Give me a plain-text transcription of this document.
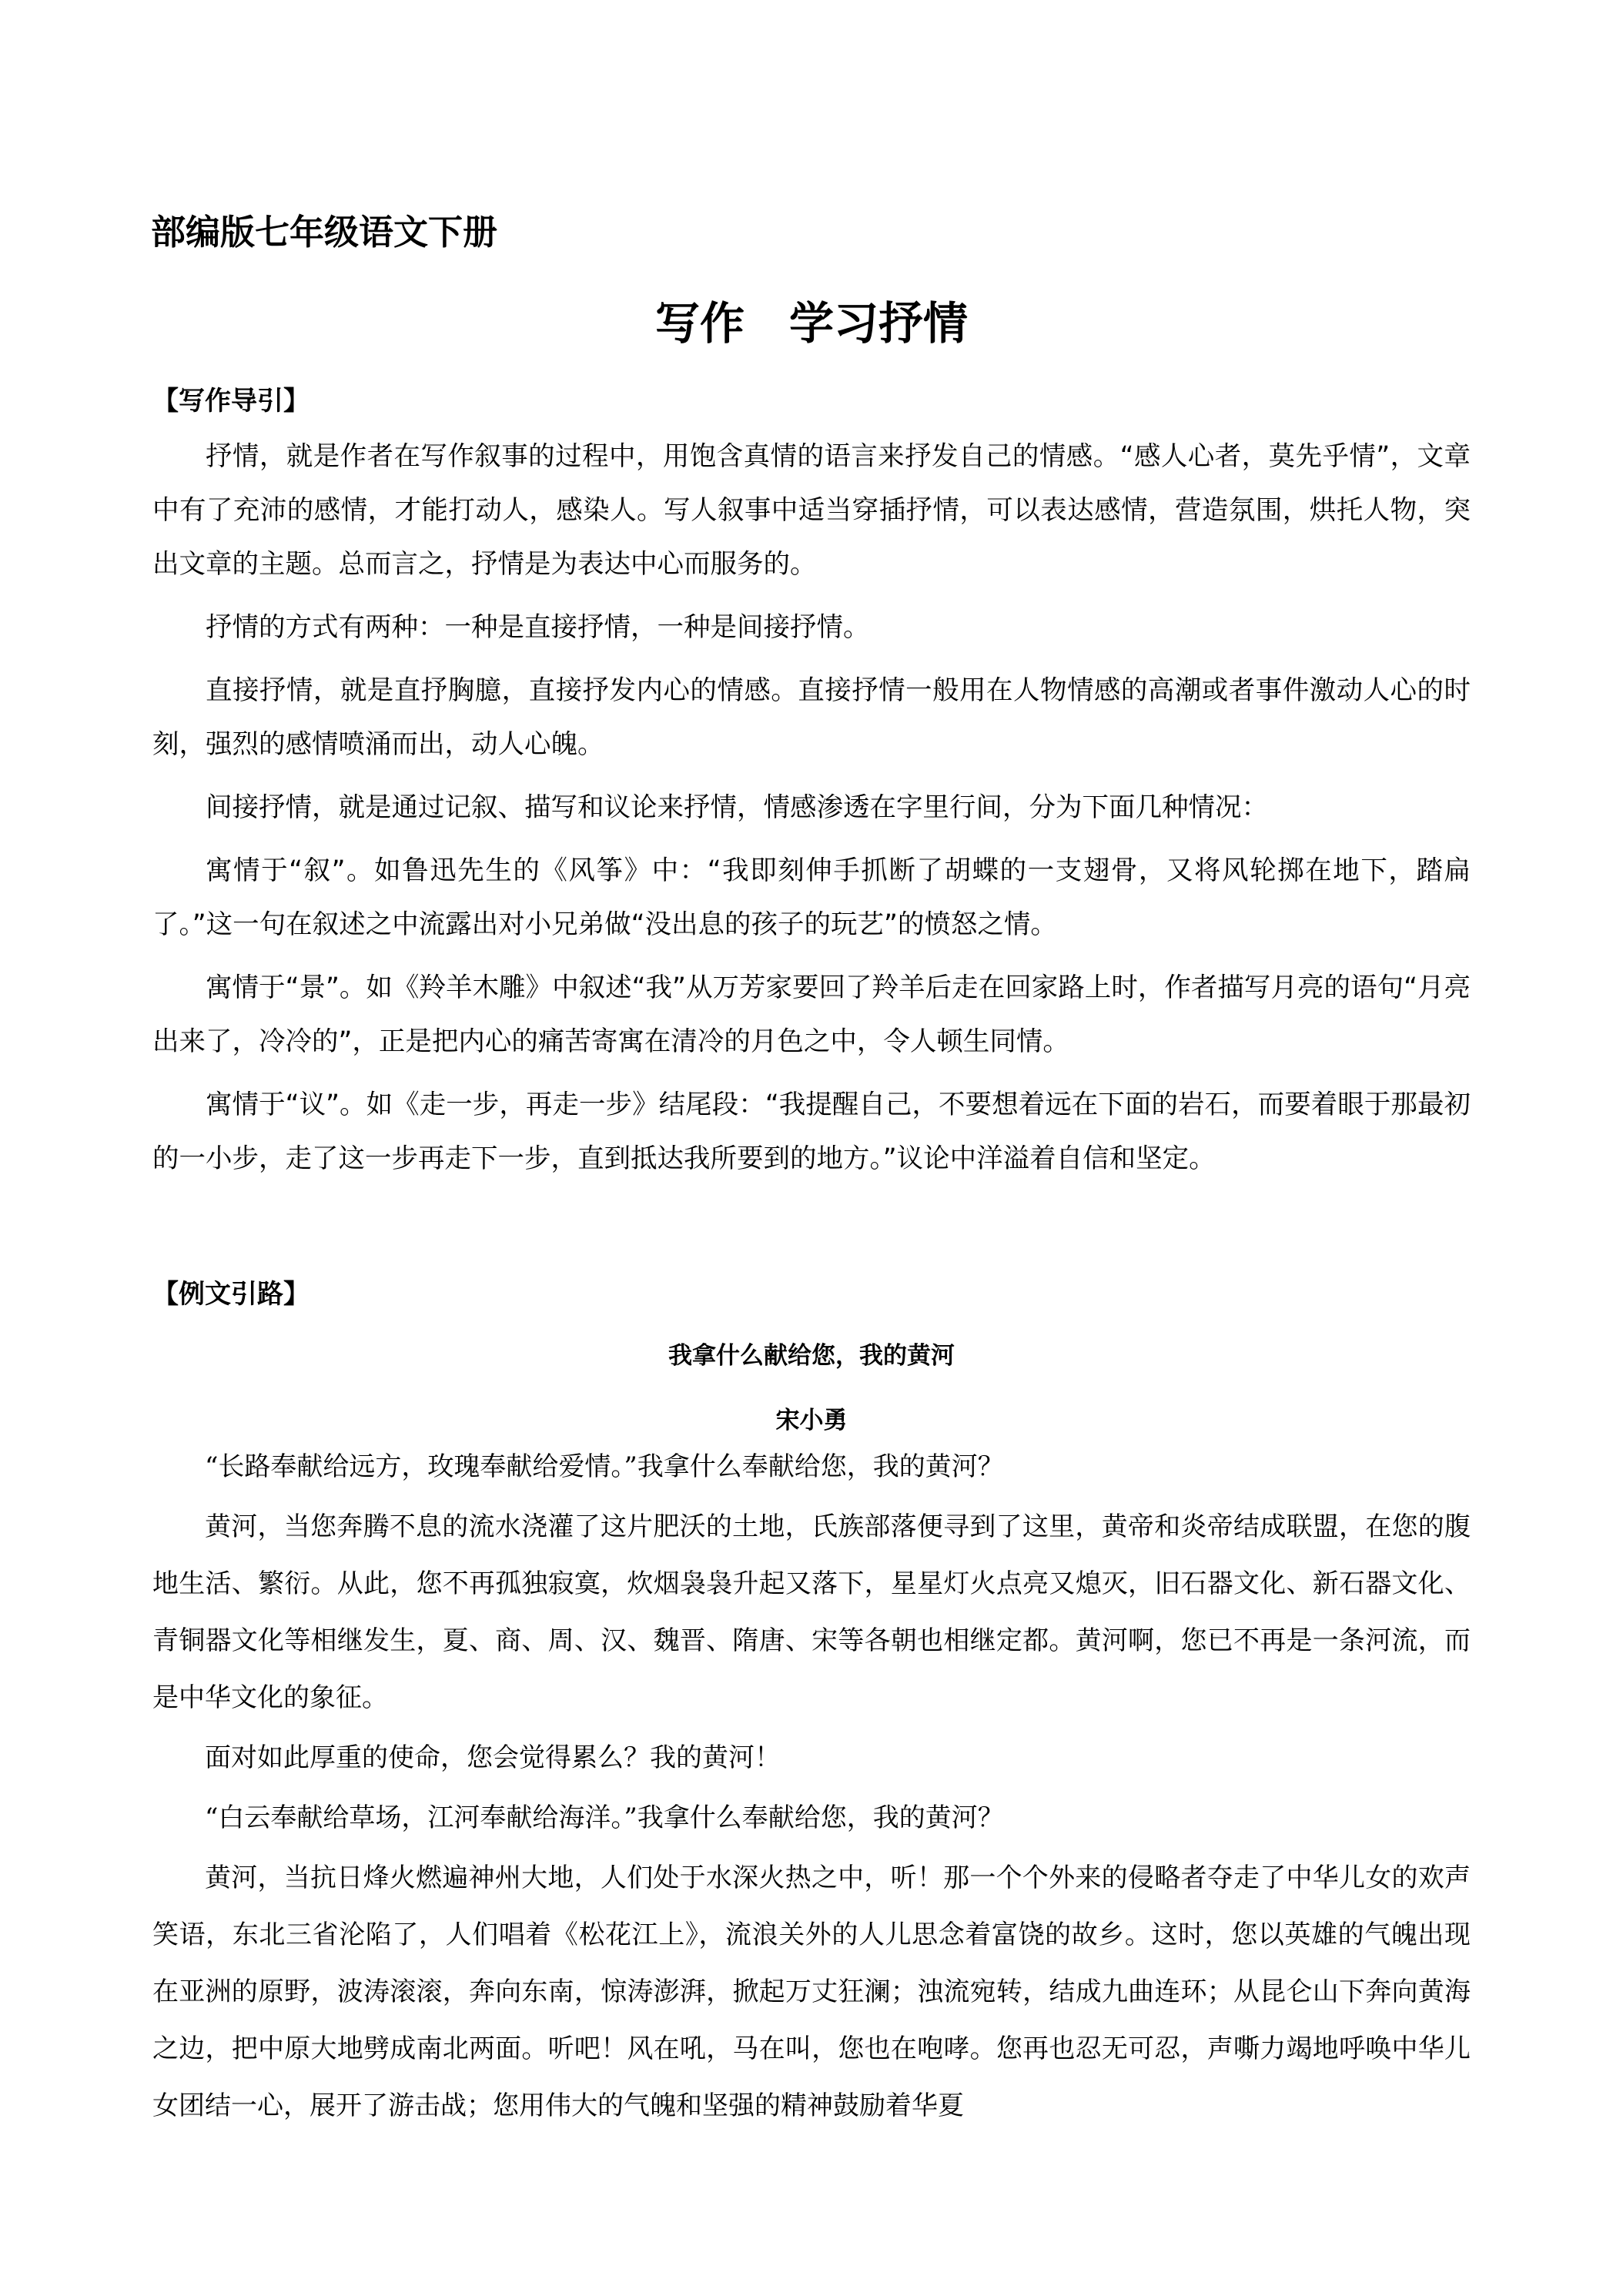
部编版七年级语文下册
写作　学习抒情
【写作导引】

抒情，就是作者在写作叙事的过程中，用饱含真情的语言来抒发自己的情感。“感人心者，莫先乎情”，文章中有了充沛的感情，才能打动人，感染人。写人叙事中适当穿插抒情，可以表达感情，营造氛围，烘托人物，突出文章的主题。总而言之，抒情是为表达中心而服务的。

抒情的方式有两种：一种是直接抒情，一种是间接抒情。

直接抒情，就是直抒胸臆，直接抒发内心的情感。直接抒情一般用在人物情感的高潮或者事件激动人心的时刻，强烈的感情喷涌而出，动人心魄。

间接抒情，就是通过记叙、描写和议论来抒情，情感渗透在字里行间，分为下面几种情况：

寓情于“叙”。如鲁迅先生的《风筝》中：“我即刻伸手抓断了胡蝶的一支翅骨，又将风轮掷在地下，踏扁了。”这一句在叙述之中流露出对小兄弟做“没出息的孩子的玩艺”的愤怒之情。

寓情于“景”。如《羚羊木雕》中叙述“我”从万芳家要回了羚羊后走在回家路上时，作者描写月亮的语句“月亮出来了，冷冷的”，正是把内心的痛苦寄寓在清冷的月色之中，令人顿生同情。

寓情于“议”。如《走一步，再走一步》结尾段：“我提醒自己，不要想着远在下面的岩石，而要着眼于那最初的一小步，走了这一步再走下一步，直到抵达我所要到的地方。”议论中洋溢着自信和坚定。

【例文引路】
我拿什么献给您，我的黄河
宋小勇

“长路奉献给远方，玫瑰奉献给爱情。”我拿什么奉献给您，我的黄河？

黄河，当您奔腾不息的流水浇灌了这片肥沃的土地，氏族部落便寻到了这里，黄帝和炎帝结成联盟，在您的腹地生活、繁衍。从此，您不再孤独寂寞，炊烟袅袅升起又落下，星星灯火点亮又熄灭，旧石器文化、新石器文化、青铜器文化等相继发生，夏、商、周、汉、魏晋、隋唐、宋等各朝也相继定都。黄河啊，您已不再是一条河流，而是中华文化的象征。

面对如此厚重的使命，您会觉得累么？我的黄河！

“白云奉献给草场，江河奉献给海洋。”我拿什么奉献给您，我的黄河？

黄河，当抗日烽火燃遍神州大地，人们处于水深火热之中，听！那一个个外来的侵略者夺走了中华儿女的欢声笑语，东北三省沦陷了，人们唱着《松花江上》，流浪关外的人儿思念着富饶的故乡。这时，您以英雄的气魄出现在亚洲的原野，波涛滚滚，奔向东南，惊涛澎湃，掀起万丈狂澜；浊流宛转，结成九曲连环；从昆仑山下奔向黄海之边，把中原大地劈成南北两面。听吧！风在吼，马在叫，您也在咆哮。您再也忍无可忍，声嘶力竭地呼唤中华儿女团结一心，展开了游击战；您用伟大的气魄和坚强的精神鼓励着华夏
